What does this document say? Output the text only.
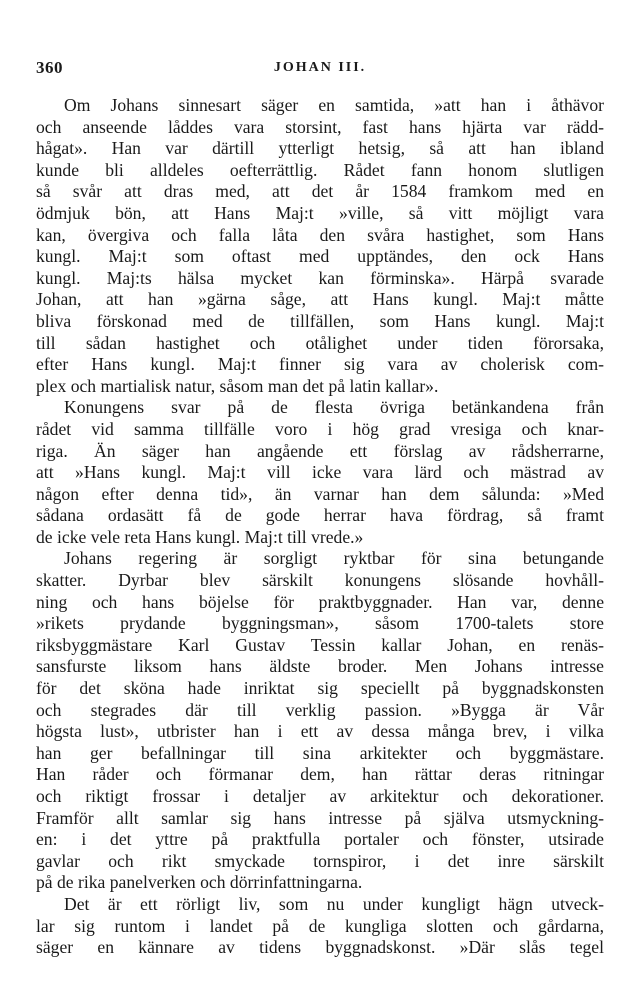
360	JOHAN III.
Om Johans sinnesart säger en samtida, »att han i åthävor
och anseende låddes vara storsint, fast hans hjärta var rädd-
hågat». Han var därtill ytterligt hetsig, så att han ibland
kunde bli alldeles oefterrättlig. Rådet fann honom slutligen
så svår att dras med, att det år 1584 framkom med en
ödmjuk bön, att Hans Maj:t »ville, så vitt möjligt vara
kan, övergiva och falla låta den svåra hastighet, som Hans
kungl. Maj:t som oftast med upptändes, den ock Hans
kungl. Maj:ts hälsa mycket kan förminska». Härpå svarade
Johan, att han »gärna såge, att Hans kungl. Maj:t måtte
bliva förskonad med de tillfällen, som Hans kungl. Maj:t
till sådan hastighet och otålighet under tiden förorsaka,
efter Hans kungl. Maj:t finner sig vara av cholerisk com-
plex och martialisk natur, såsom man det på latin kallar».
Konungens svar på de flesta övriga betänkandena från
rådet vid samma tillfälle voro i hög grad vresiga och knar-
riga. Än säger han angående ett förslag av rådsherrarne,
att »Hans kungl. Maj:t vill icke vara lärd och mästrad av
någon efter denna tid», än varnar han dem sålunda: »Med
sådana ordasätt få de gode herrar hava fördrag, så framt
de icke vele reta Hans kungl. Maj:t till vrede.»
Johans regering är sorgligt ryktbar för sina betungande
skatter. Dyrbar blev särskilt konungens slösande hovhåll-
ning och hans böjelse för praktbyggnader. Han var, denne
»rikets prydande byggningsman», såsom 1700-talets store
riksbyggmästare Karl Gustav Tessin kallar Johan, en renäs-
sansfurste liksom hans äldste broder. Men Johans intresse
för det sköna hade inriktat sig speciellt på byggnadskonsten
och stegrades där till verklig passion. »Bygga är Vår
högsta lust», utbrister han i ett av dessa många brev, i vilka
han ger befallningar till sina arkitekter och byggmästare.
Han råder och förmanar dem, han rättar deras ritningar
och riktigt frossar i detaljer av arkitektur och dekorationer.
Framför allt samlar sig hans intresse på själva utsmyckning-
en: i det yttre på praktfulla portaler och fönster, utsirade
gavlar och rikt smyckade tornspiror, i det inre särskilt
på de rika panelverken och dörrinfattningarna.
Det är ett rörligt liv, som nu under kungligt hägn utveck-
lar sig runtom i landet på de kungliga slotten och gårdarna,
säger en kännare av tidens byggnadskonst. »Där slås tegel
